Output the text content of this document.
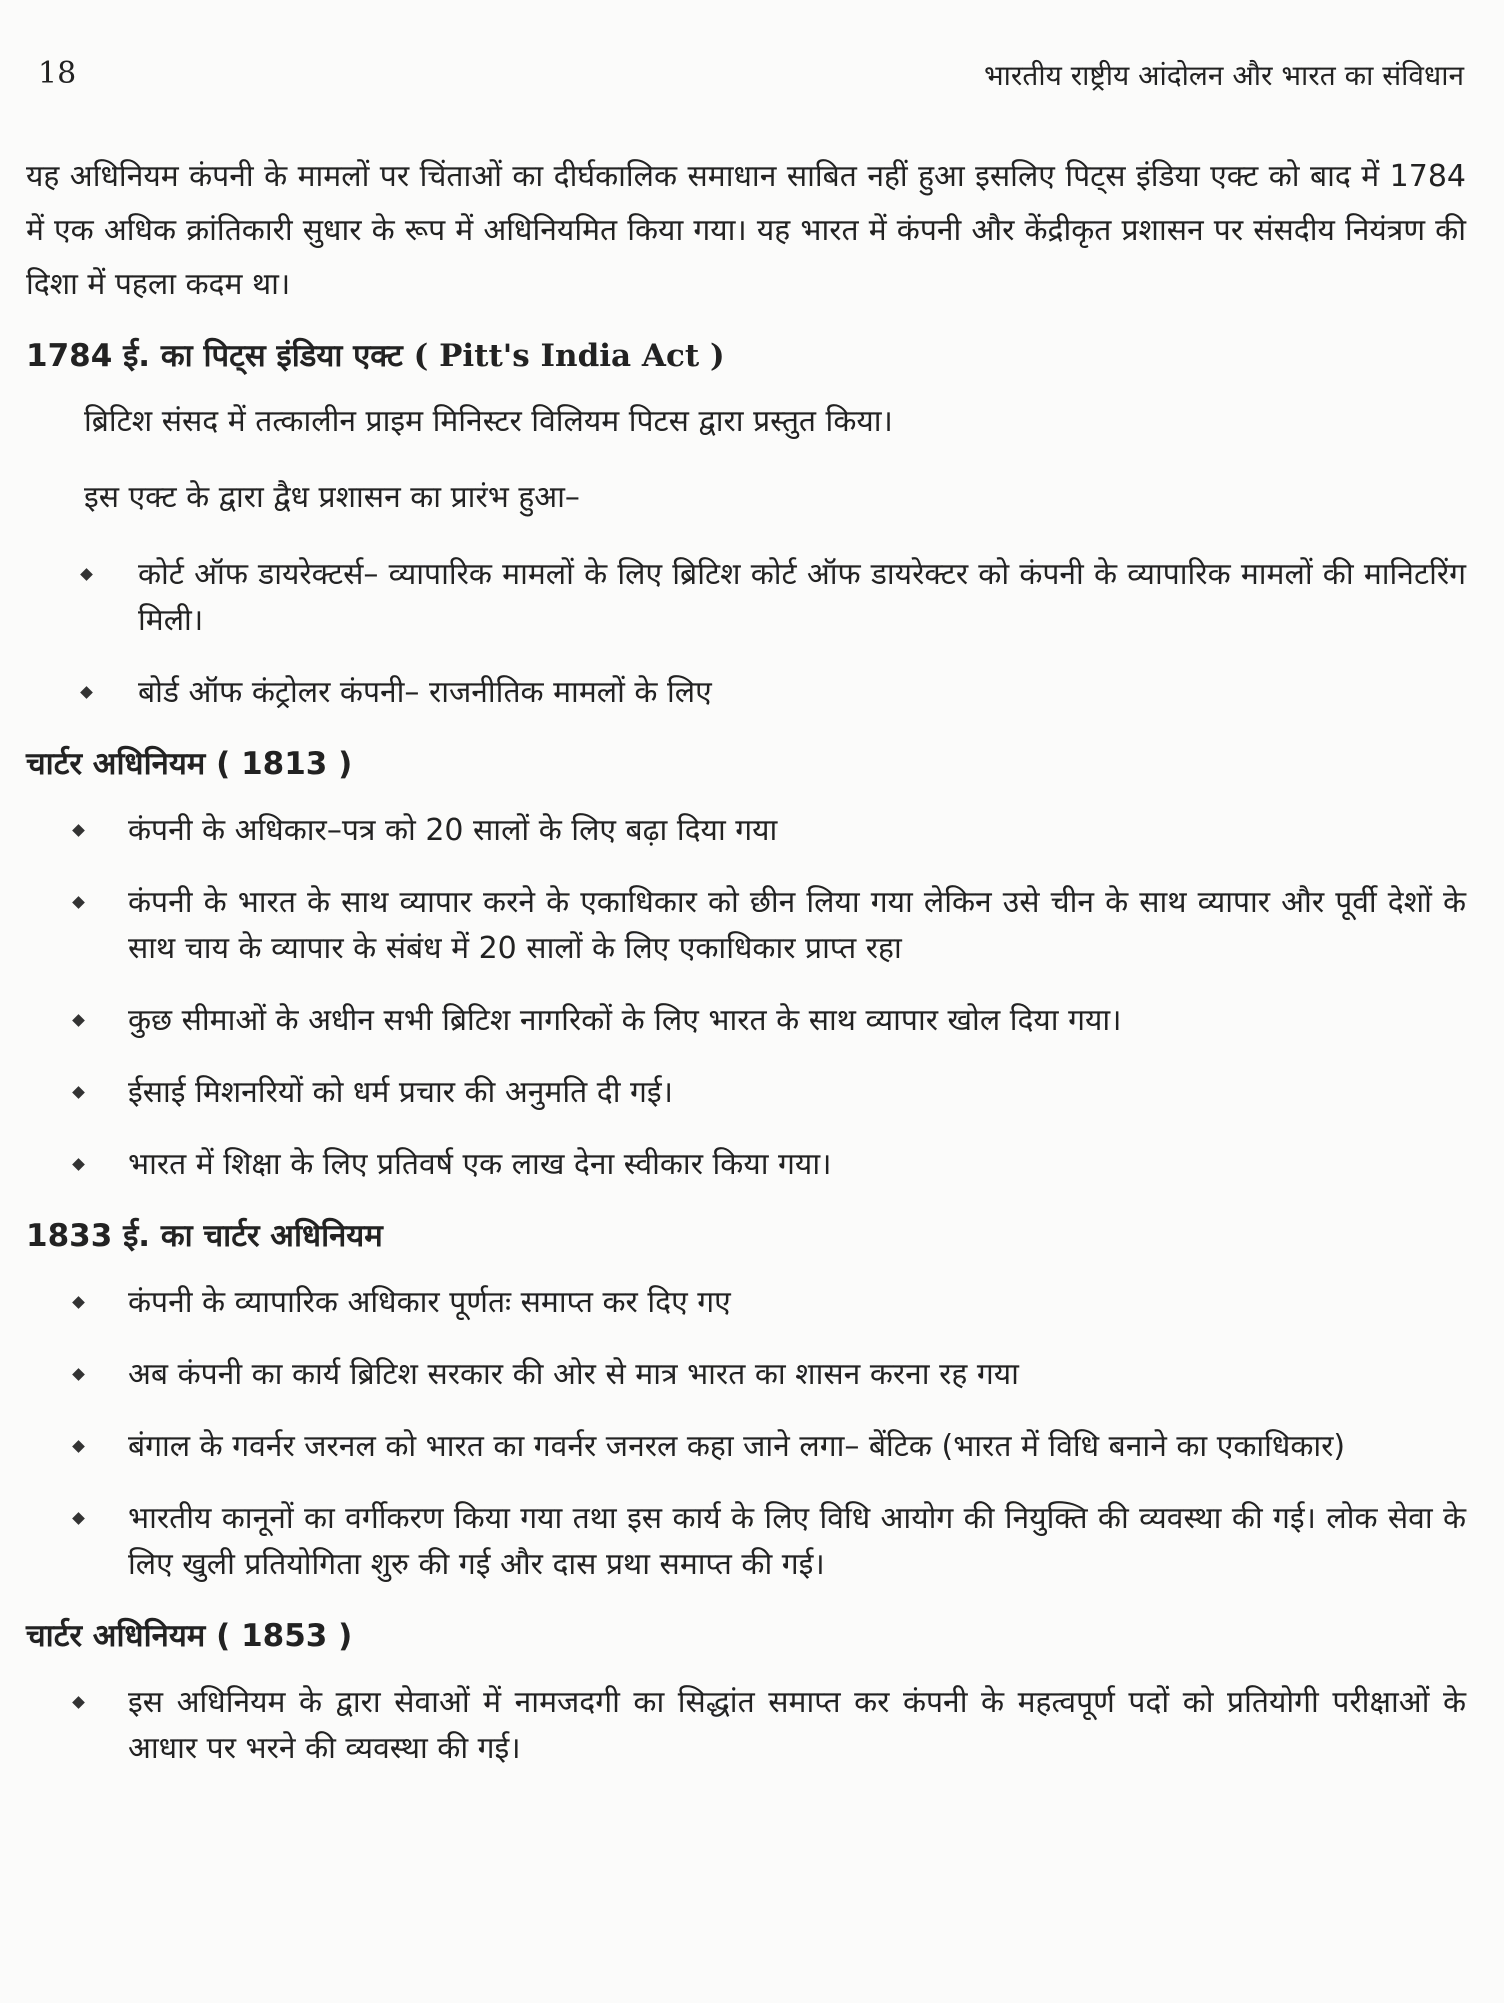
18	भारतीय राष्ट्रीय आंदोलन और भारत का संविधान

यह अधिनियम कंपनी के मामलों पर चिंताओं का दीर्घकालिक समाधान साबित नहीं हुआ इसलिए पिट्स इंडिया एक्ट को बाद में 1784 में एक अधिक क्रांतिकारी सुधार के रूप में अधिनियमित किया गया। यह भारत में कंपनी और केंद्रीकृत प्रशासन पर संसदीय नियंत्रण की दिशा में पहला कदम था।

1784 ई. का पिट्स इंडिया एक्ट ( Pitt's India Act )
ब्रिटिश संसद में तत्कालीन प्राइम मिनिस्टर विलियम पिटस द्वारा प्रस्तुत किया।
इस एक्ट के द्वारा द्वैध प्रशासन का प्रारंभ हुआ–
कोर्ट ऑफ डायरेक्टर्स– व्यापारिक मामलों के लिए ब्रिटिश कोर्ट ऑफ डायरेक्टर को कंपनी के व्यापारिक मामलों की मानिटरिंग मिली।
बोर्ड ऑफ कंट्रोलर कंपनी– राजनीतिक मामलों के लिए
चार्टर अधिनियम ( 1813 )
कंपनी के अधिकार–पत्र को 20 सालों के लिए बढ़ा दिया गया
कंपनी के भारत के साथ व्यापार करने के एकाधिकार को छीन लिया गया लेकिन उसे चीन के साथ व्यापार और पूर्वी देशों के साथ चाय के व्यापार के संबंध में 20 सालों के लिए एकाधिकार प्राप्त रहा
कुछ सीमाओं के अधीन सभी ब्रिटिश नागरिकों के लिए भारत के साथ व्यापार खोल दिया गया।
ईसाई मिशनरियों को धर्म प्रचार की अनुमति दी गई।
भारत में शिक्षा के लिए प्रतिवर्ष एक लाख देना स्वीकार किया गया।
1833 ई. का चार्टर अधिनियम
कंपनी के व्यापारिक अधिकार पूर्णतः समाप्त कर दिए गए
अब कंपनी का कार्य ब्रिटिश सरकार की ओर से मात्र भारत का शासन करना रह गया
बंगाल के गवर्नर जरनल को भारत का गवर्नर जनरल कहा जाने लगा– बेंटिक (भारत में विधि बनाने का एकाधिकार)
भारतीय कानूनों का वर्गीकरण किया गया तथा इस कार्य के लिए विधि आयोग की नियुक्ति की व्यवस्था की गई। लोक सेवा के लिए खुली प्रतियोगिता शुरु की गई और दास प्रथा समाप्त की गई।
चार्टर अधिनियम ( 1853 )
इस अधिनियम के द्वारा सेवाओं में नामजदगी का सिद्धांत समाप्त कर कंपनी के महत्वपूर्ण पदों को प्रतियोगी परीक्षाओं के आधार पर भरने की व्यवस्था की गई।
